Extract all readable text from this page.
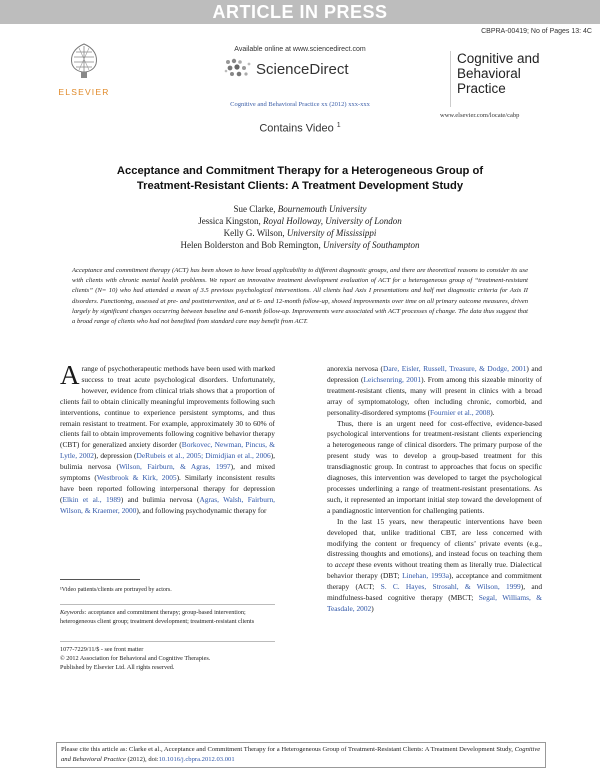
ARTICLE IN PRESS
CBPRA-00419; No of Pages 13: 4C
ELSEVIER
Available online at www.sciencedirect.com
ScienceDirect
Cognitive and Behavioral Practice xx (2012) xxx-xxx
Cognitive and
Behavioral
Practice
www.elsevier.com/locate/cabp
Contains Video $^1$
Acceptance and Commitment Therapy for a Heterogeneous Group of
Treatment-Resistant Clients: A Treatment Development Study
Sue Clarke, Bournemouth University
Jessica Kingston, Royal Holloway, University of London
Kelly G. Wilson, University of Mississippi
Helen Bolderston and Bob Remington, University of Southampton
Acceptance and commitment therapy (ACT) has been shown to have broad applicability to different diagnostic groups, and there are theoretical reasons to consider its use with clients with chronic mental health problems. We report an innovative treatment development evaluation of ACT for a heterogeneous group of “treatment-resistant clients” (N= 10) who had attended a mean of 3.5 previous psychological interventions. All clients had Axis I presentations and half met diagnostic criteria for Axis II disorders. Functioning, assessed at pre- and postintervention, and at 6- and 12-month follow-up, showed improvements over time on all primary outcome measures, driven largely by significant changes occurring between baseline and 6-month follow-up. Improvements were associated with ACT processes of change. The data thus suggest that a broad range of clients who had not benefited from standard care may benefit from ACT.

A range of psychotherapeutic methods have been used with marked success to treat acute psychological disorders. Unfortunately, however, evidence from clinical trials shows that a proportion of clients fail to obtain clinically meaningful improvements following such interventions, continue to experience persistent symptoms, and thus remain resistant to treatment. For example, approximately 30 to 60% of clients fail to obtain improvements following cognitive behavior therapy (CBT) for generalized anxiety disorder (Borkovec, Newman, Pincus, & Lytle, 2002), depression (DeRubeis et al., 2005; Dimidjian et al., 2006), bulimia nervosa (Wilson, Fairburn, & Agras, 1997), and mixed symptoms (Westbrook & Kirk, 2005). Similarly inconsistent results have been reported following interpersonal therapy for depression (Elkin et al., 1989) and bulimia nervosa (Agras, Walsh, Fairburn, Wilson, & Kraemer, 2000), and following psychodynamic therapy for

¹Video patients/clients are portrayed by actors.
Keywords: acceptance and commitment therapy; group-based intervention; heterogeneous client group; treatment development; treatment-resistant clients
1077-7229/11/$ - see front matter
© 2012 Association for Behavioral and Cognitive Therapies.
Published by Elsevier Ltd. All rights reserved.

anorexia nervosa (Dare, Eisler, Russell, Treasure, & Dodge, 2001) and depression (Leichsenring, 2001). From among this sizeable minority of treatment-resistant clients, many will present in clinics with a broad array of symptomatology, often including chronic, comorbid, and personality-disordered symptoms (Fournier et al., 2008).

Thus, there is an urgent need for cost-effective, evidence-based psychological interventions for treatment-resistant clients experiencing a heterogeneous range of clinical disorders. The primary purpose of the present study was to develop a group-based treatment for this transdiagnostic group. In contrast to approaches that focus on specific diagnoses, this intervention was developed to target the psychological processes underlining a range of treatment-resistant presentations. As such, it represented an important initial step toward the development of a pandiagnostic intervention for challenging patients.

In the last 15 years, new therapeutic interventions have been developed that, unlike traditional CBT, are less concerned with modifying the content or frequency of clients’ private events (e.g., distressing thoughts and emotions), and instead focus on teaching them to accept these events without treating them as literally true. Dialectical behavior therapy (DBT; Linehan, 1993a), acceptance and commitment therapy (ACT; S. C. Hayes, Strosahl, & Wilson, 1999), and mindfulness-based cognitive therapy (MBCT; Segal, Williams, & Teasdale, 2002)

Please cite this article as: Clarke et al., Acceptance and Commitment Therapy for a Heterogeneous Group of Treatment-Resistant Clients: A Treatment Development Study, Cognitive and Behavioral Practice (2012), doi:10.1016/j.cbpra.2012.03.001
